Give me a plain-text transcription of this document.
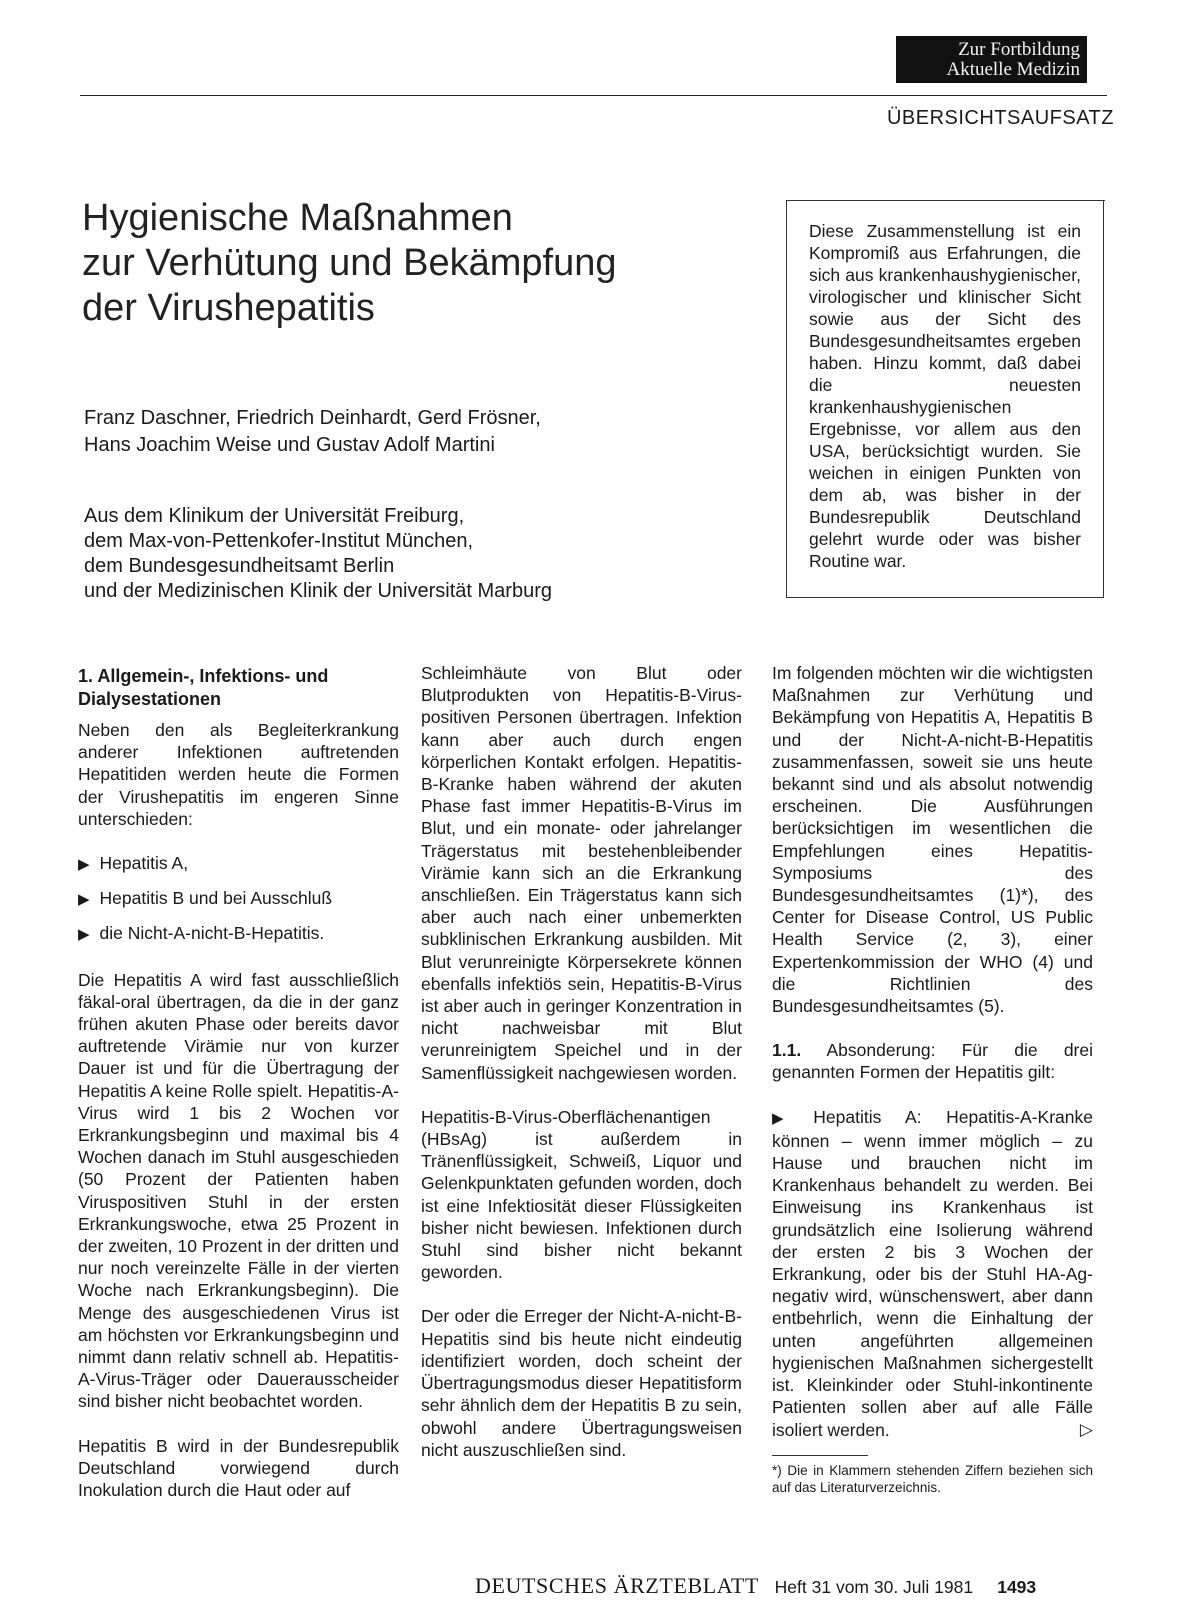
Zur Fortbildung
Aktuelle Medizin
ÜBERSICHTSAUFSATZ
Hygienische Maßnahmen
zur Verhütung und Bekämpfung
der Virushepatitis
Franz Daschner, Friedrich Deinhardt, Gerd Frösner,
Hans Joachim Weise und Gustav Adolf Martini
Aus dem Klinikum der Universität Freiburg,
dem Max-von-Pettenkofer-Institut München,
dem Bundesgesundheitsamt Berlin
und der Medizinischen Klinik der Universität Marburg

Diese Zusammenstellung ist ein Kompromiß aus Erfahrungen, die sich aus krankenhaushygienischer, virologischer und klinischer Sicht sowie aus der Sicht des Bundesgesundheitsamtes ergeben haben. Hinzu kommt, daß dabei die neuesten krankenhaushygienischen Ergebnisse, vor allem aus den USA, berücksichtigt wurden. Sie weichen in einigen Punkten von dem ab, was bisher in der Bundesrepublik Deutschland gelehrt wurde oder was bisher Routine war.

1. Allgemein-, Infektions- und Dialysestationen

Neben den als Begleiterkrankung anderer Infektionen auftretenden Hepatitiden werden heute die Formen der Virushepatitis im engeren Sinne unterschieden:

▶ Hepatitis A,
▶ Hepatitis B und bei Ausschluß
▶ die Nicht-A-nicht-B-Hepatitis.

Die Hepatitis A wird fast ausschließlich fäkal-oral übertragen, da die in der ganz frühen akuten Phase oder bereits davor auftretende Virämie nur von kurzer Dauer ist und für die Übertragung der Hepatitis A keine Rolle spielt. Hepatitis-A-Virus wird 1 bis 2 Wochen vor Erkrankungsbeginn und maximal bis 4 Wochen danach im Stuhl ausgeschieden (50 Prozent der Patienten haben Viruspositiven Stuhl in der ersten Erkrankungswoche, etwa 25 Prozent in der zweiten, 10 Prozent in der dritten und nur noch vereinzelte Fälle in der vierten Woche nach Erkrankungsbeginn). Die Menge des ausgeschiedenen Virus ist am höchsten vor Erkrankungsbeginn und nimmt dann relativ schnell ab. Hepatitis-A-Virus-Träger oder Dauerausscheider sind bisher nicht beobachtet worden.

Hepatitis B wird in der Bundesrepublik Deutschland vorwiegend durch Inokulation durch die Haut oder auf

Schleimhäute von Blut oder Blutprodukten von Hepatitis-B-Virus-positiven Personen übertragen. Infektion kann aber auch durch engen körperlichen Kontakt erfolgen. Hepatitis-B-Kranke haben während der akuten Phase fast immer Hepatitis-B-Virus im Blut, und ein monate- oder jahrelanger Trägerstatus mit bestehenbleibender Virämie kann sich an die Erkrankung anschließen. Ein Trägerstatus kann sich aber auch nach einer unbemerkten subklinischen Erkrankung ausbilden. Mit Blut verunreinigte Körpersekrete können ebenfalls infektiös sein, Hepatitis-B-Virus ist aber auch in geringer Konzentration in nicht nachweisbar mit Blut verunreinigtem Speichel und in der Samenflüssigkeit nachgewiesen worden.

Hepatitis-B-Virus-Oberflächenantigen (HBsAg) ist außerdem in Tränenflüssigkeit, Schweiß, Liquor und Gelenkpunktaten gefunden worden, doch ist eine Infektiosität dieser Flüssigkeiten bisher nicht bewiesen. Infektionen durch Stuhl sind bisher nicht bekannt geworden.

Der oder die Erreger der Nicht-A-nicht-B-Hepatitis sind bis heute nicht eindeutig identifiziert worden, doch scheint der Übertragungsmodus dieser Hepatitisform sehr ähnlich dem der Hepatitis B zu sein, obwohl andere Übertragungsweisen nicht auszuschließen sind.

Im folgenden möchten wir die wichtigsten Maßnahmen zur Verhütung und Bekämpfung von Hepatitis A, Hepatitis B und der Nicht-A-nicht-B-Hepatitis zusammenfassen, soweit sie uns heute bekannt sind und als absolut notwendig erscheinen. Die Ausführungen berücksichtigen im wesentlichen die Empfehlungen eines Hepatitis-Symposiums des Bundesgesundheitsamtes (1)*), des Center for Disease Control, US Public Health Service (2, 3), einer Expertenkommission der WHO (4) und die Richtlinien des Bundesgesundheitsamtes (5).

1.1. Absonderung: Für die drei genannten Formen der Hepatitis gilt:

▶ Hepatitis A: Hepatitis-A-Kranke können – wenn immer möglich – zu Hause und brauchen nicht im Krankenhaus behandelt zu werden. Bei Einweisung ins Krankenhaus ist grundsätzlich eine Isolierung während der ersten 2 bis 3 Wochen der Erkrankung, oder bis der Stuhl HA-Ag-negativ wird, wünschenswert, aber dann entbehrlich, wenn die Einhaltung der unten angeführten allgemeinen hygienischen Maßnahmen sichergestellt ist. Kleinkinder oder Stuhl-inkontinente Patienten sollen aber auf alle Fälle isoliert werden.	▷

*) Die in Klammern stehenden Ziffern beziehen sich auf das Literaturverzeichnis.

DEUTSCHES ÄRZTEBLATT Heft 31 vom 30. Juli 1981 1493
